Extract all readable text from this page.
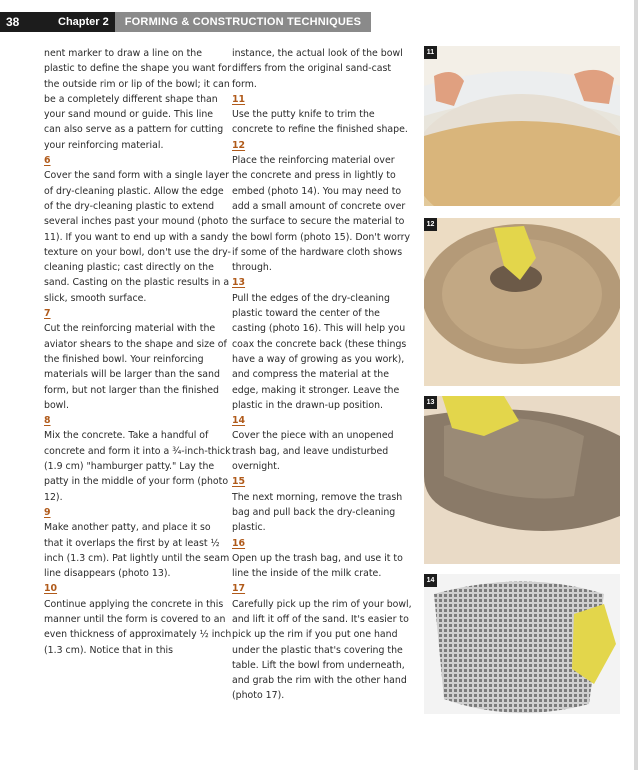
38	Chapter 2	FORMING & CONSTRUCTION TECHNIQUES

nent marker to draw a line on the plastic to define the shape you want for the outside rim or lip of the bowl; it can be a completely different shape than your sand mound or guide. This line can also serve as a pattern for cutting your reinforcing material.

6

Cover the sand form with a single layer of dry-cleaning plastic. Allow the edge of the dry-cleaning plastic to extend several inches past your mound (photo 11). If you want to end up with a sandy texture on your bowl, don't use the dry-cleaning plastic; cast directly on the sand. Casting on the plastic results in a slick, smooth surface.

7

Cut the reinforcing material with the aviator shears to the shape and size of the finished bowl. Your reinforcing materials will be larger than the sand form, but not larger than the finished bowl.

8

Mix the concrete. Take a handful of concrete and form it into a ¾-inch-thick (1.9 cm) "hamburger patty." Lay the patty in the middle of your form (photo 12).

9

Make another patty, and place it so that it overlaps the first by at least ½ inch (1.3 cm). Pat lightly until the seam line disappears (photo 13).

10

Continue applying the concrete in this manner until the form is covered to an even thickness of approximately ½ inch (1.3 cm). Notice that in this

instance, the actual look of the bowl differs from the original sand-cast form.

11

Use the putty knife to trim the concrete to refine the finished shape.

12

Place the reinforcing material over the concrete and press in lightly to embed (photo 14). You may need to add a small amount of concrete over the surface to secure the material to the bowl form (photo 15). Don't worry if some of the hardware cloth shows through.

13

Pull the edges of the dry-cleaning plastic toward the center of the casting (photo 16). This will help you coax the concrete back (these things have a way of growing as you work), and compress the material at the edge, making it stronger. Leave the plastic in the drawn-up position.

14

Cover the piece with an unopened trash bag, and leave undisturbed overnight.

15

The next morning, remove the trash bag and pull back the dry-cleaning plastic.

16

Open up the trash bag, and use it to line the inside of the milk crate.

17

Carefully pick up the rim of your bowl, and lift it off of the sand. It's easier to pick up the rim if you put one hand under the plastic that's covering the table. Lift the bowl from underneath, and grab the rim with the other hand (photo 17).

11
12
13
14
